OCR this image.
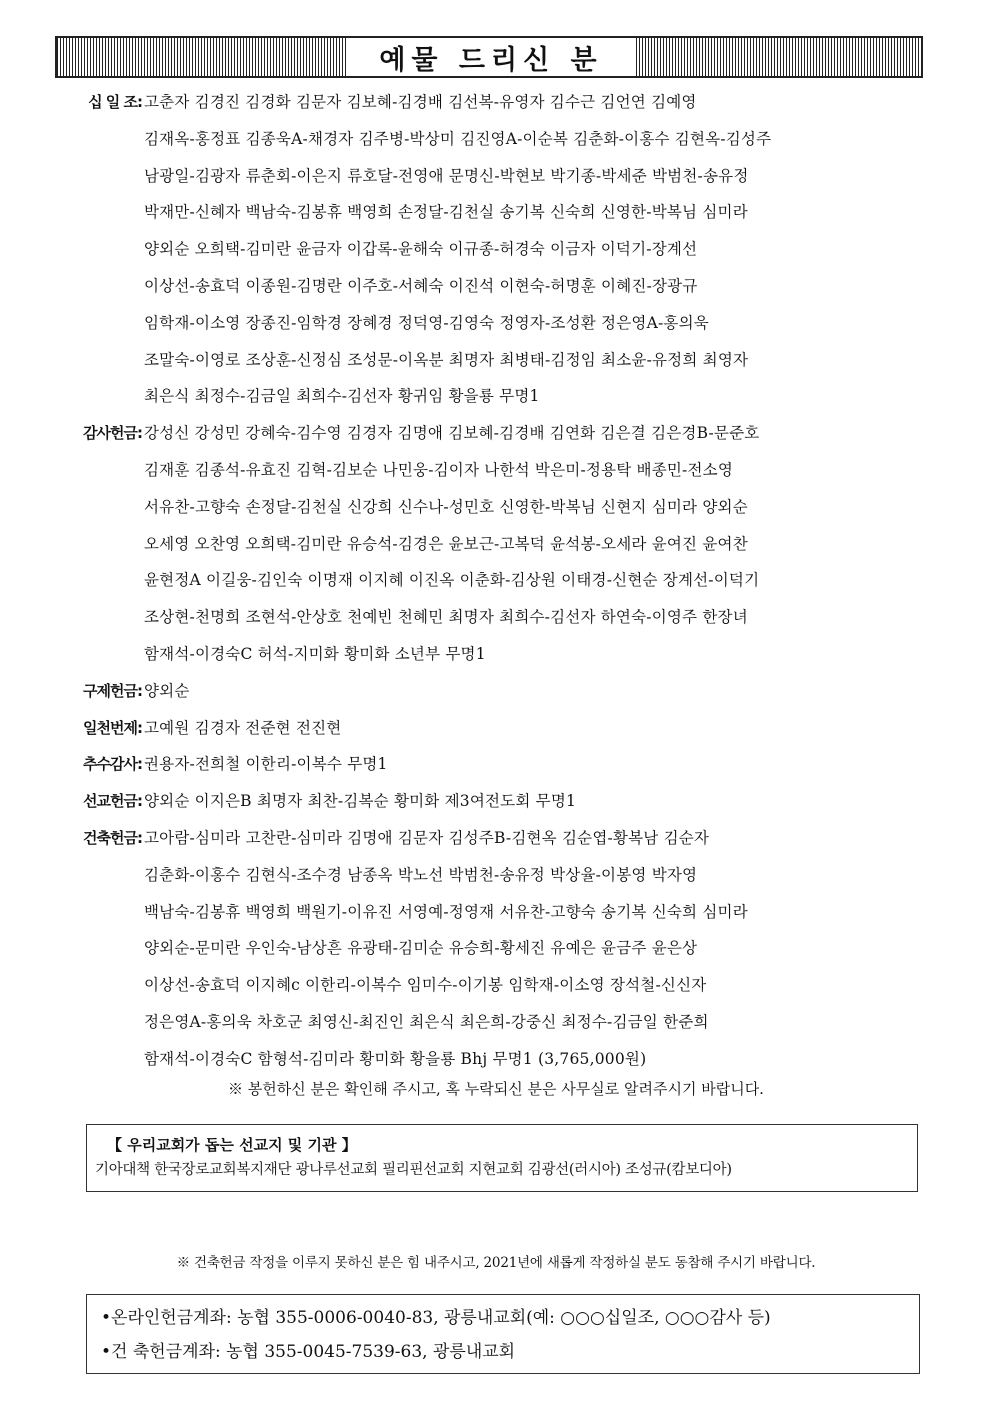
예물 드리신 분
십 일 조: 고춘자 김경진 김경화 김문자 김보혜-김경배 김선복-유영자 김수근 김언연 김예영
김재옥-홍정표 김종욱A-채경자 김주병-박상미 김진영A-이순복 김춘화-이홍수 김현옥-김성주
남광일-김광자 류춘회-이은지 류호달-전영애 문명신-박현보 박기종-박세준 박범천-송유정
박재만-신혜자 백남숙-김봉휴 백영희 손정달-김천실 송기복 신숙희 신영한-박복님 심미라
양외순 오희택-김미란 윤금자 이갑록-윤해숙 이규종-허경숙 이금자 이덕기-장계선
이상선-송효덕 이종원-김명란 이주호-서혜숙 이진석 이현숙-허명훈 이혜진-장광규
임학재-이소영 장종진-임학경 장혜경 정덕영-김영숙 정영자-조성환 정은영A-홍의욱
조말숙-이영로 조상훈-신정심 조성문-이옥분 최명자 최병태-김정임 최소윤-유정희 최영자
최은식 최정수-김금일 최희수-김선자 황귀임 황을룡 무명1
감사헌금: 강성신 강성민 강혜숙-김수영 김경자 김명애 김보혜-김경배 김연화 김은결 김은경B-문준호
김재훈 김종석-유효진 김혁-김보순 나민웅-김이자 나한석 박은미-정용탁 배종민-전소영
서유찬-고향숙 손정달-김천실 신강희 신수나-성민호 신영한-박복님 신현지 심미라 양외순
오세영 오찬영 오희택-김미란 유승석-김경은 윤보근-고복덕 윤석봉-오세라 윤여진 윤여찬
윤현정A 이길웅-김인숙 이명재 이지혜 이진옥 이춘화-김상원 이태경-신현순 장계선-이덕기
조상현-천명희 조현석-안상호 천예빈 천혜민 최명자 최희수-김선자 하연숙-이영주 한장녀
함재석-이경숙C 허석-지미화 황미화 소년부 무명1
구제헌금: 양외순
일천번제: 고예원 김경자 전준현 전진현
추수감사: 권용자-전희철 이한리-이복수 무명1
선교헌금: 양외순 이지은B 최명자 최찬-김복순 황미화 제3여전도회 무명1
건축헌금: 고아람-심미라 고찬란-심미라 김명애 김문자 김성주B-김현옥 김순엽-황복남 김순자
김춘화-이홍수 김현식-조수경 남종옥 박노선 박범천-송유정 박상율-이봉영 박자영
백남숙-김봉휴 백영희 백원기-이유진 서영예-정영재 서유찬-고향숙 송기복 신숙희 심미라
양외순-문미란 우인숙-남상흔 유광태-김미순 유승희-황세진 유예은 윤금주 윤은상
이상선-송효덕 이지혜c 이한리-이복수 임미수-이기봉 임학재-이소영 장석철-신신자
정은영A-홍의욱 차호군 최영신-최진인 최은식 최은희-강중신 최정수-김금일 한준희
함재석-이경숙C 함형석-김미라 황미화 황을룡 Bhj 무명1 (3,765,000원)
※ 봉헌하신 분은 확인해 주시고, 혹 누락되신 분은 사무실로 알려주시기 바랍니다.
【 우리교회가 돕는 선교지 및 기관 】
기아대책 한국장로교회복지재단 광나루선교회 필리핀선교회 지현교회 김광선(러시아) 조성규(캄보디아)
※ 건축헌금 작정을 이루지 못하신 분은 힘 내주시고, 2021년에 새롭게 작정하실 분도 동참해 주시기 바랍니다.
•온라인헌금계좌: 농협 355-0006-0040-83, 광릉내교회(예: ○○○십일조, ○○○감사 등)
•건 축헌금계좌: 농협 355-0045-7539-63, 광릉내교회
